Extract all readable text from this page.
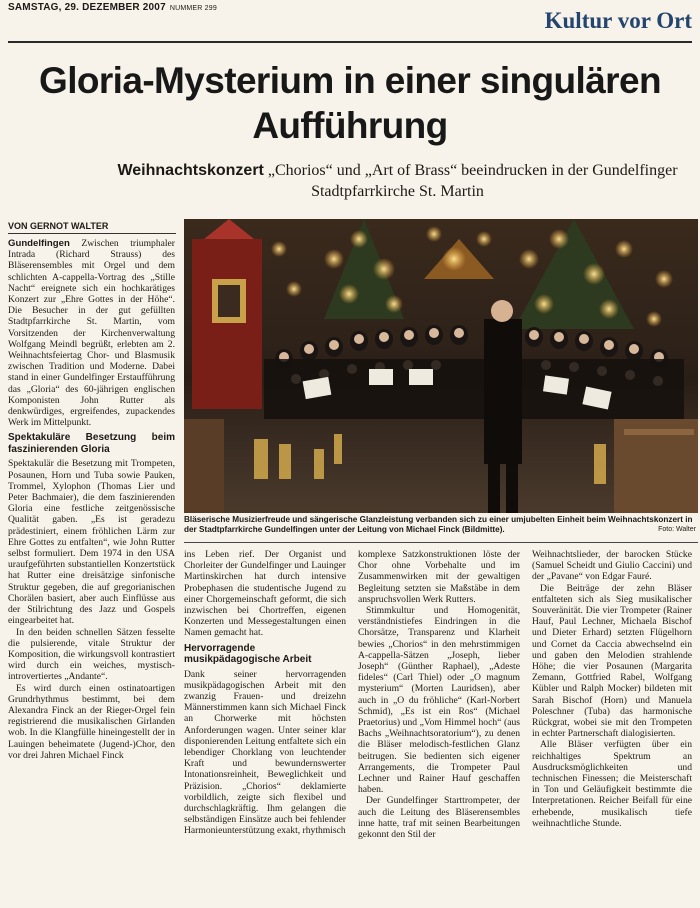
SAMSTAG, 29. DEZEMBER 2007 NUMMER 299	Kultur vor Ort
Gloria-Mysterium in einer singulären Aufführung
Weihnachtskonzert „Chorios“ und „Art of Brass“ beeindrucken in der Gundelfinger Stadtpfarrkirche St. Martin
VON GERNOT WALTER

Gundelfingen Zwischen triumphaler Intrada (Richard Strauss) des Bläserensembles mit Orgel und dem schlichten A-cappella-Vortrag des „Stille Nacht“ ereignete sich ein hochkarätiges Konzert zur „Ehre Gottes in der Höhe“. Die Besucher in der gut gefüllten Stadtpfarrkirche St. Martin, vom Vorsitzenden der Kirchenverwaltung Wolfgang Meindl begrüßt, erlebten am 2. Weihnachtsfeiertag Chor- und Blasmusik zwischen Tradition und Moderne. Dabei stand in einer Gundelfinger Erstaufführung das „Gloria“ des 60-jährigen englischen Komponisten John Rutter als denkwürdiges, ergreifendes, zupackendes Werk im Mittelpunkt.

Spektakuläre Besetzung beim faszinierenden Gloria

Spektakulär die Besetzung mit Trompeten, Posaunen, Horn und Tuba sowie Pauken, Trommel, Xylophon (Thomas Lier und Peter Bachmaier), die dem faszinierenden Gloria eine festliche zeitgenössische Qualität gaben. „Es ist geradezu prädestiniert, einem fröhlichen Lärm zur Ehre Gottes zu entfalten“, wie John Rutter selbst formuliert. Dem 1974 in den USA uraufgeführten substantiellen Konzertstück hat Rutter eine dreisätzige sinfonische Struktur gegeben, die auf gregorianischen Chorälen basiert, aber auch Einflüsse aus der Stilrichtung des Jazz und Gospels eingearbeitet hat.

In den beiden schnellen Sätzen fesselte die pulsierende, vitale Struktur der Komposition, die wirkungsvoll kontrastiert wird durch ein weiches, mystisch-introvertiertes „Andante“.

Es wird durch einen ostinatoartigen Grundrhythmus bestimmt, bei dem Alexandra Finck an der Rieger-Orgel fein registrierend die musikalischen Girlanden wob. In die Klangfülle hineingestellt der in Lauingen beheimatete (Jugend-)Chor, den vor drei Jahren Michael Finck

Bläserische Musizierfreude und sängerische Glanzleistung verbanden sich zu einer umjubelten Einheit beim Weihnachtskonzert in der Stadtpfarrkirche Gundelfingen unter der Leitung von Michael Finck (Bildmitte).	Foto: Walter

ins Leben rief. Der Organist und Chorleiter der Gundelfinger und Lauinger Martinskirchen hat durch intensive Probephasen die studentische Jugend zu einer Chorgemeinschaft geformt, die sich inzwischen bei Chortreffen, eigenen Konzerten und Messegestaltungen einen Namen gemacht hat.

Hervorragende musikpädagogische Arbeit

Dank seiner hervorragenden musikpädagogischen Arbeit mit den zwanzig Frauen- und dreizehn Männerstimmen kann sich Michael Finck an Chorwerke mit höchsten Anforderungen wagen. Unter seiner klar disponierenden Leitung entfaltete sich ein lebendiger Chorklang von leuchtender Kraft und bewundernswerter Intonationsreinheit, Beweglichkeit und Präzision. „Chorios“ deklamierte vorbildlich, zeigte sich flexibel und durchschlagkräftig. Ihm gelangen die selbständigen Einsätze auch bei fehlender Harmonieunterstützung exakt, rhythmisch

komplexe Satzkonstruktionen löste der Chor ohne Vorbehalte und im Zusammenwirken mit der gewaltigen Begleitung setzten sie Maßstäbe in dem anspruchsvollen Werk Rutters.

Stimmkultur und Homogenität, verständnistiefes Eindringen in die Chorsätze, Transparenz und Klarheit bewies „Chorios“ in den mehrstimmigen A-cappella-Sätzen „Joseph, lieber Joseph“ (Günther Raphael), „Adeste fideles“ (Carl Thiel) oder „O magnum mysterium“ (Morten Lauridsen), aber auch in „O du fröhliche“ (Karl-Norbert Schmid), „Es ist ein Ros“ (Michael Praetorius) und „Vom Himmel hoch“ (aus Bachs „Weihnachtsoratorium“), zu denen die Bläser melodisch-festlichen Glanz beitrugen. Sie bedienten sich eigener Arrangements, die Trompeter Paul Lechner und Rainer Hauf geschaffen haben.

Der Gundelfinger Starttrompeter, der auch die Leitung des Bläserensembles inne hatte, traf mit seinen Bearbeitungen gekonnt den Stil der

Weihnachtslieder, der barocken Stücke (Samuel Scheidt und Giulio Caccini) und der „Pavane“ von Edgar Fauré.

Die Beiträge der zehn Bläser entfalteten sich als Sieg musikalischer Souveränität. Die vier Trompeter (Rainer Hauf, Paul Lechner, Michaela Bischof und Dieter Erhard) setzten Flügelhorn und Cornet da Caccia abwechselnd ein und gaben den Melodien strahlende Höhe; die vier Posaunen (Margarita Zemann, Gottfried Rabel, Wolfgang Kübler und Ralph Mocker) bildeten mit Sarah Bischof (Horn) und Manuela Poleschner (Tuba) das harmonische Rückgrat, wobei sie mit den Trompeten in echter Partnerschaft dialogisierten.

Alle Bläser verfügten über ein reichhaltiges Spektrum an Ausdrucksmöglichkeiten und technischen Finessen; die Meisterschaft in Ton und Geläufigkeit bestimmte die Interpretationen. Reicher Beifall für eine erhebende, musikalisch tiefe weihnachtliche Stunde.
